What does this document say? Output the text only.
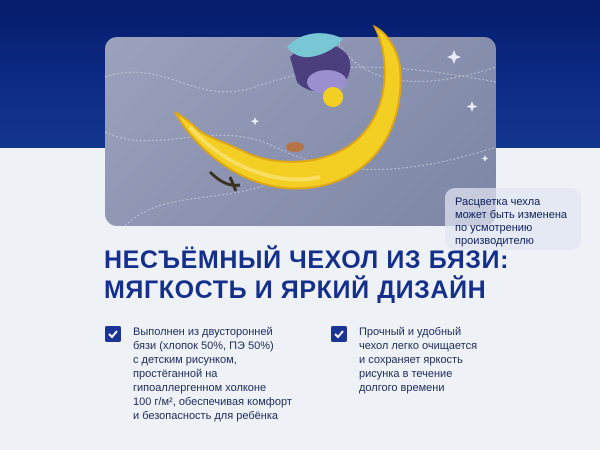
Расцветка чехла может быть изменена по усмотрению производителю
НЕСЪЁМНЫЙ ЧЕХОЛ ИЗ БЯЗИ:
МЯГКОСТЬ И ЯРКИЙ ДИЗАЙН
Выполнен из двусторонней
бязи (хлопок 50%, ПЭ 50%)
с детским рисунком,
простёганной на
гипоаллергенном холконе
100 г/м², обеспечивая комфорт
и безопасность для ребёнка
Прочный и удобный
чехол легко очищается
и сохраняет яркость
рисунка в течение
долгого времени
